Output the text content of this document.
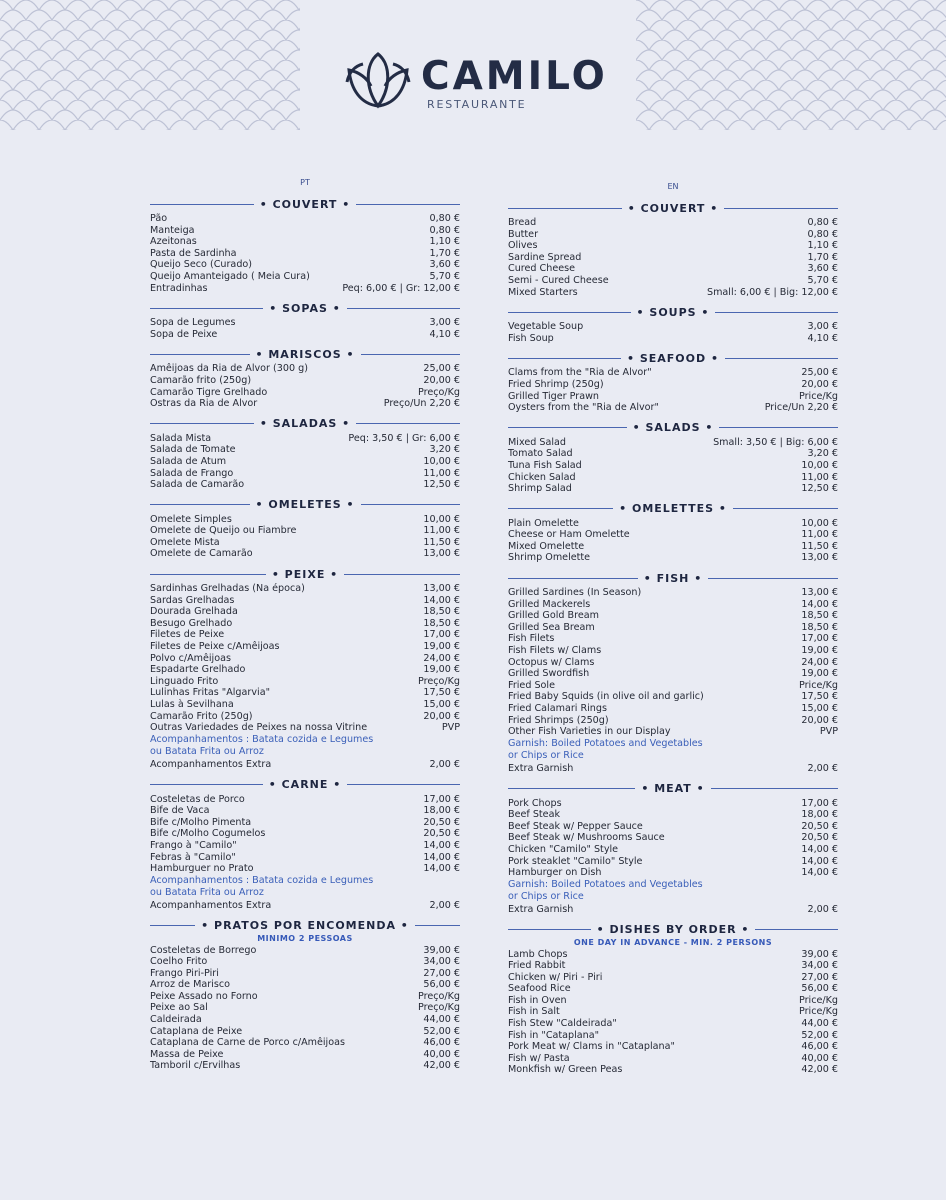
CAMILO
RESTAURANTE
PT
• COUVERT •
Pão	0,80 €
Manteiga	0,80 €
Azeitonas	1,10 €
Pasta de Sardinha	1,70 €
Queijo Seco (Curado)	3,60 €
Queijo Amanteigado ( Meia Cura)	5,70 €
Entradinhas	Peq: 6,00 € | Gr: 12,00 €
• SOPAS •
Sopa de Legumes	3,00 €
Sopa de Peixe	4,10 €
• MARISCOS •
Amêijoas da Ria de Alvor (300 g)	25,00 €
Camarão frito (250g)	20,00 €
Camarão Tigre Grelhado	Preço/Kg
Ostras da Ria de Alvor	Preço/Un 2,20 €
• SALADAS •
Salada Mista	Peq: 3,50 € | Gr: 6,00 €
Salada de Tomate	3,20 €
Salada de Atum	10,00 €
Salada de Frango	11,00 €
Salada de Camarão	12,50 €
• OMELETES •
Omelete Simples	10,00 €
Omelete de Queijo ou Fiambre	11,00 €
Omelete Mista	11,50 €
Omelete de Camarão	13,00 €
• PEIXE •
Sardinhas Grelhadas (Na época)	13,00 €
Sardas Grelhadas	14,00 €
Dourada Grelhada	18,50 €
Besugo Grelhado	18,50 €
Filetes de Peixe	17,00 €
Filetes de Peixe c/Amêijoas	19,00 €
Polvo c/Amêijoas	24,00 €
Espadarte Grelhado	19,00 €
Linguado Frito	Preço/Kg
Lulinhas Fritas "Algarvia"	17,50 €
Lulas à Sevilhana	15,00 €
Camarão Frito (250g)	20,00 €
Outras Variedades de Peixes na nossa Vitrine	PVP
Acompanhamentos : Batata cozida e Legumes
ou Batata Frita ou Arroz
Acompanhamentos Extra	2,00 €
• CARNE •
Costeletas de Porco	17,00 €
Bife de Vaca	18,00 €
Bife c/Molho Pimenta	20,50 €
Bife c/Molho Cogumelos	20,50 €
Frango à "Camilo"	14,00 €
Febras à "Camilo"	14,00 €
Hamburguer no Prato	14,00 €
Acompanhamentos : Batata cozida e Legumes
ou Batata Frita ou Arroz
Acompanhamentos Extra	2,00 €
• PRATOS POR ENCOMENDA •
MINIMO 2 PESSOAS
Costeletas de Borrego	39,00 €
Coelho Frito	34,00 €
Frango Piri-Piri	27,00 €
Arroz de Marisco	56,00 €
Peixe Assado no Forno	Preço/Kg
Peixe ao Sal	Preço/Kg
Caldeirada	44,00 €
Cataplana de Peixe	52,00 €
Cataplana de Carne de Porco c/Amêijoas	46,00 €
Massa de Peixe	40,00 €
Tamboril c/Ervilhas	42,00 €
EN
• COUVERT •
Bread	0,80 €
Butter	0,80 €
Olives	1,10 €
Sardine Spread	1,70 €
Cured Cheese	3,60 €
Semi - Cured Cheese	5,70 €
Mixed Starters	Small: 6,00 € | Big: 12,00 €
• SOUPS •
Vegetable Soup	3,00 €
Fish Soup	4,10 €
• SEAFOOD •
Clams from the "Ria de Alvor"	25,00 €
Fried Shrimp (250g)	20,00 €
Grilled Tiger Prawn	Price/Kg
Oysters from the "Ria de Alvor"	Price/Un 2,20 €
• SALADS •
Mixed Salad	Small: 3,50 € | Big: 6,00 €
Tomato Salad	3,20 €
Tuna Fish Salad	10,00 €
Chicken Salad	11,00 €
Shrimp Salad	12,50 €
• OMELETTES •
Plain Omelette	10,00 €
Cheese or Ham Omelette	11,00 €
Mixed Omelette	11,50 €
Shrimp Omelette	13,00 €
• FISH •
Grilled Sardines (In Season)	13,00 €
Grilled Mackerels	14,00 €
Grilled Gold Bream	18,50 €
Grilled Sea Bream	18,50 €
Fish Filets	17,00 €
Fish Filets w/ Clams	19,00 €
Octopus w/ Clams	24,00 €
Grilled Swordfish	19,00 €
Fried Sole	Price/Kg
Fried Baby Squids (in olive oil and garlic)	17,50 €
Fried Calamari Rings	15,00 €
Fried Shrimps (250g)	20,00 €
Other Fish Varieties in our Display	PVP
Garnish: Boiled Potatoes and Vegetables
or Chips or Rice
Extra Garnish	2,00 €
• MEAT •
Pork Chops	17,00 €
Beef Steak	18,00 €
Beef Steak w/ Pepper Sauce	20,50 €
Beef Steak w/ Mushrooms Sauce	20,50 €
Chicken "Camilo" Style	14,00 €
Pork steaklet "Camilo" Style	14,00 €
Hamburger on Dish	14,00 €
Garnish: Boiled Potatoes and Vegetables
or Chips or Rice
Extra Garnish	2,00 €
• DISHES BY ORDER •
ONE DAY IN ADVANCE - MIN. 2 PERSONS
Lamb Chops	39,00 €
Fried Rabbit	34,00 €
Chicken w/ Piri - Piri	27,00 €
Seafood Rice	56,00 €
Fish in Oven	Price/Kg
Fish in Salt	Price/Kg
Fish Stew "Caldeirada"	44,00 €
Fish in "Cataplana"	52,00 €
Pork Meat w/ Clams in "Cataplana"	46,00 €
Fish w/ Pasta	40,00 €
Monkfish w/ Green Peas	42,00 €
